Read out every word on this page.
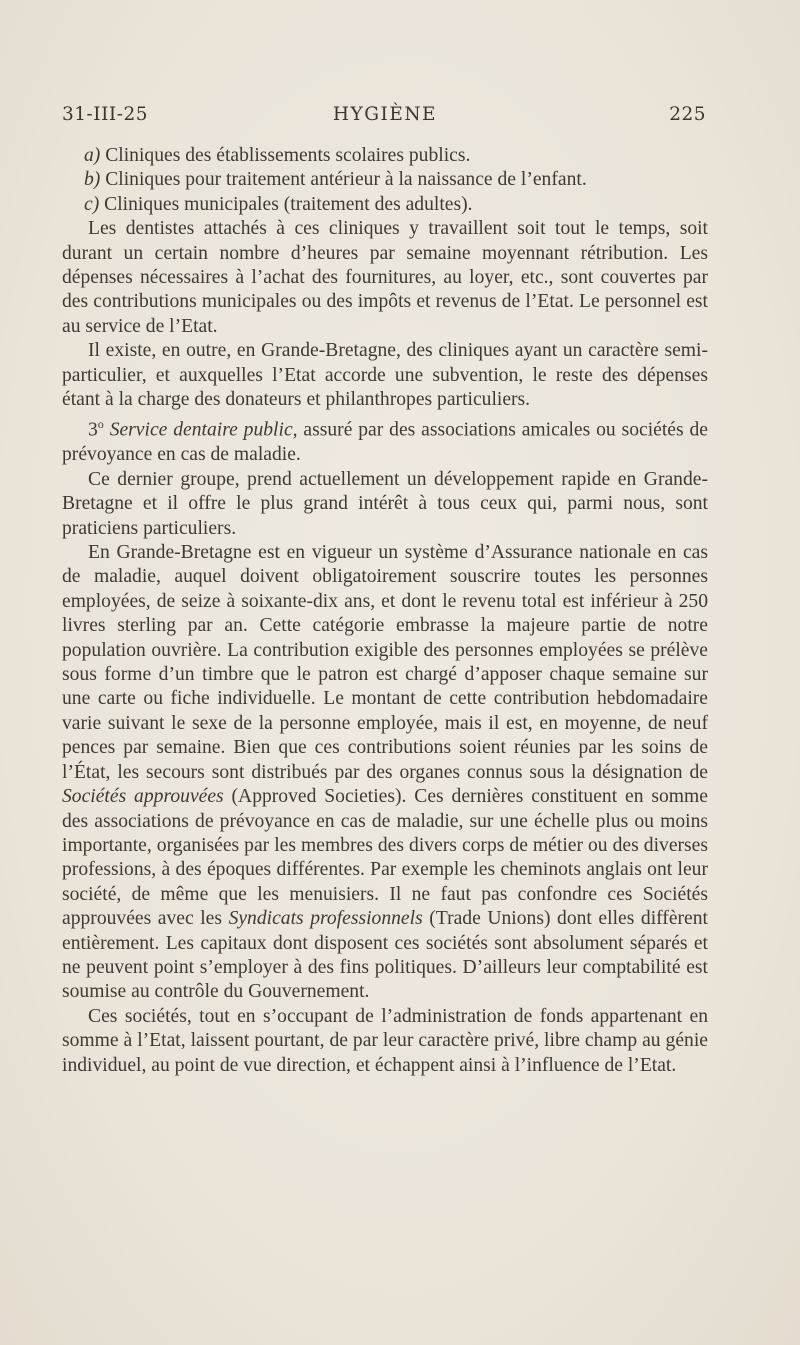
31-III-25	HYGIÈNE	225

a) Cliniques des établissements scolaires publics.

b) Cliniques pour traitement antérieur à la naissance de l’enfant.

c) Cliniques municipales (traitement des adultes).

Les dentistes attachés à ces cliniques y travaillent soit tout le temps, soit durant un certain nombre d’heures par semaine moyennant rétribution. Les dépenses nécessaires à l’achat des fournitures, au loyer, etc., sont couvertes par des contributions municipales ou des impôts et revenus de l’Etat. Le personnel est au service de l’Etat.

Il existe, en outre, en Grande-Bretagne, des cliniques ayant un caractère semi-particulier, et auxquelles l’Etat accorde une subvention, le reste des dépenses étant à la charge des donateurs et philanthropes particuliers.

3$^o$ Service dentaire public, assuré par des associations amicales ou sociétés de prévoyance en cas de maladie.

Ce dernier groupe, prend actuellement un développement rapide en Grande-Bretagne et il offre le plus grand intérêt à tous ceux qui, parmi nous, sont praticiens particuliers.

En Grande-Bretagne est en vigueur un système d’Assurance nationale en cas de maladie, auquel doivent obligatoirement souscrire toutes les personnes employées, de seize à soixante-dix ans, et dont le revenu total est inférieur à 250 livres sterling par an. Cette catégorie embrasse la majeure partie de notre population ouvrière. La contribution exigible des personnes employées se prélève sous forme d’un timbre que le patron est chargé d’apposer chaque semaine sur une carte ou fiche individuelle. Le montant de cette contribution hebdomadaire varie suivant le sexe de la personne employée, mais il est, en moyenne, de neuf pences par semaine. Bien que ces contributions soient réunies par les soins de l’État, les secours sont distribués par des organes connus sous la désignation de Sociétés approuvées (Approved Societies). Ces dernières constituent en somme des associations de prévoyance en cas de maladie, sur une échelle plus ou moins importante, organisées par les membres des divers corps de métier ou des diverses professions, à des époques différentes. Par exemple les cheminots anglais ont leur société, de même que les menuisiers. Il ne faut pas confondre ces Sociétés approuvées avec les Syndicats professionnels (Trade Unions) dont elles diffèrent entièrement. Les capitaux dont disposent ces sociétés sont absolument séparés et ne peuvent point s’employer à des fins politiques. D’ailleurs leur comptabilité est soumise au contrôle du Gouvernement.

Ces sociétés, tout en s’occupant de l’administration de fonds appartenant en somme à l’Etat, laissent pourtant, de par leur caractère privé, libre champ au génie individuel, au point de vue direction, et échappent ainsi à l’influence de l’Etat.
